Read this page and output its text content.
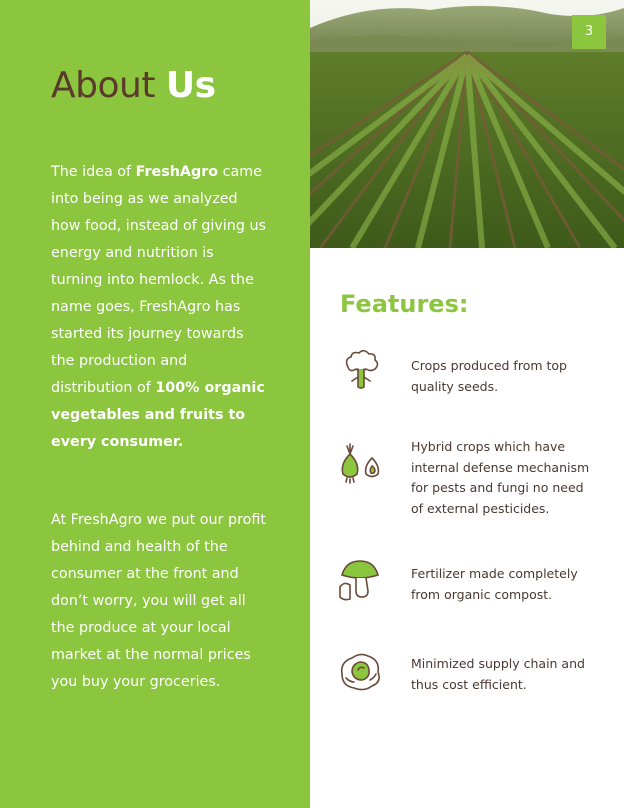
About Us

The idea of FreshAgro came into being as we analyzed how food, instead of giving us energy and nutrition is turning into hemlock. As the name goes, FreshAgro has started its journey towards the production and distribution of 100% organic vegetables and fruits to every consumer.

At FreshAgro we put our profit behind and health of the consumer at the front and don’t worry, you will get all the produce at your local market at the normal prices you buy your groceries.

3
Features:

Crops produced from top quality seeds.

Hybrid crops which have internal defense mechanism for pests and fungi no need of external pesticides.

Fertilizer made completely from organic compost.

Minimized supply chain and thus cost efficient.
